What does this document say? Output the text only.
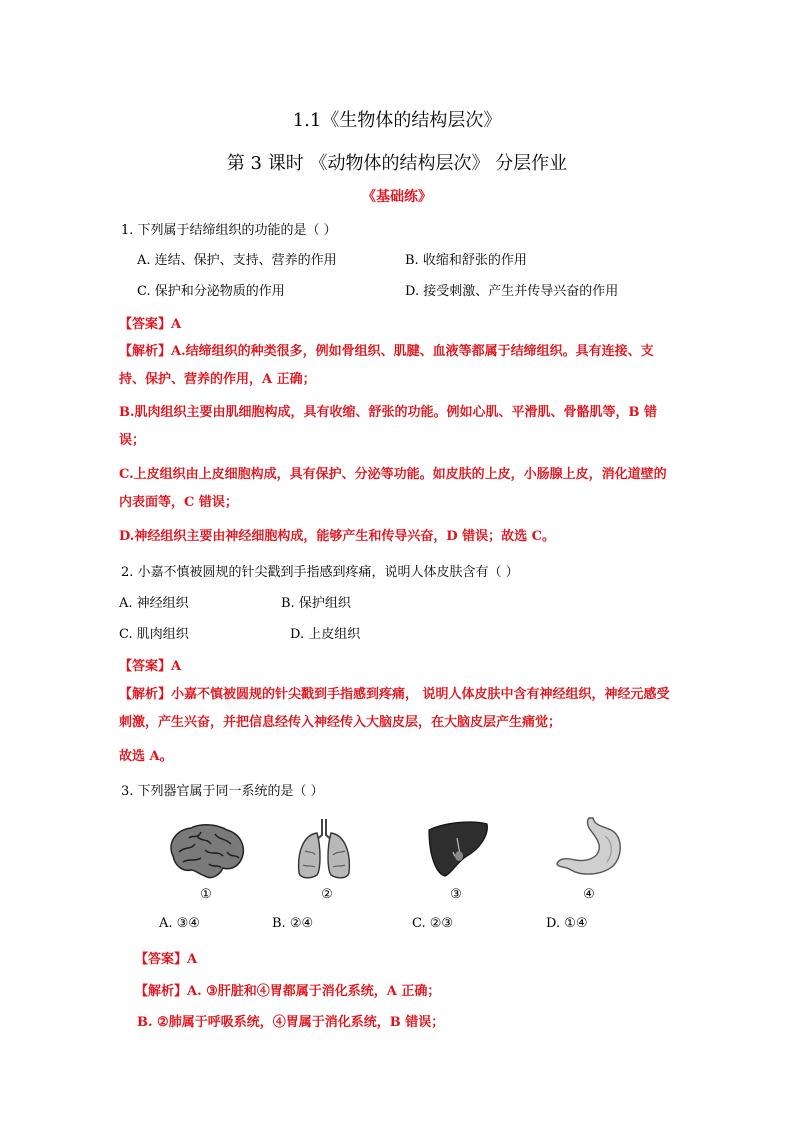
1.1《生物体的结构层次》
第 3 课时 《动物体的结构层次》 分层作业
《基础练》
1. 下列属于结缔组织的功能的是（ ）
A. 连结、保护、支持、营养的作用	B. 收缩和舒张的作用
C. 保护和分泌物质的作用	D. 接受刺激、产生并传导兴奋的作用
【答案】A
【解析】A.结缔组织的种类很多，例如骨组织、肌腱、血液等都属于结缔组织。具有连接、支持、保护、营养的作用，A 正确；
B.肌肉组织主要由肌细胞构成，具有收缩、舒张的功能。例如心肌、平滑肌、骨骼肌等，B 错误；
C.上皮组织由上皮细胞构成，具有保护、分泌等功能。如皮肤的上皮，小肠腺上皮，消化道壁的内表面等，C 错误；
D.神经组织主要由神经细胞构成，能够产生和传导兴奋，D 错误；故选 C。
2. 小嘉不慎被圆规的针尖戳到手指感到疼痛，说明人体皮肤含有（ ）
A. 神经组织	B. 保护组织
C. 肌肉组织	D. 上皮组织
【答案】A
【解析】小嘉不慎被圆规的针尖戳到手指感到疼痛， 说明人体皮肤中含有神经组织，神经元感受刺激，产生兴奋，并把信息经传入神经传入大脑皮层，在大脑皮层产生痛觉；
故选 A。
3. 下列器官属于同一系统的是（ ）
①	②	③	④
A. ③④	B. ②④	C. ②③	D. ①④
【答案】A
【解析】A. ③肝脏和④胃都属于消化系统，A 正确；
B. ②肺属于呼吸系统，④胃属于消化系统，B 错误；
